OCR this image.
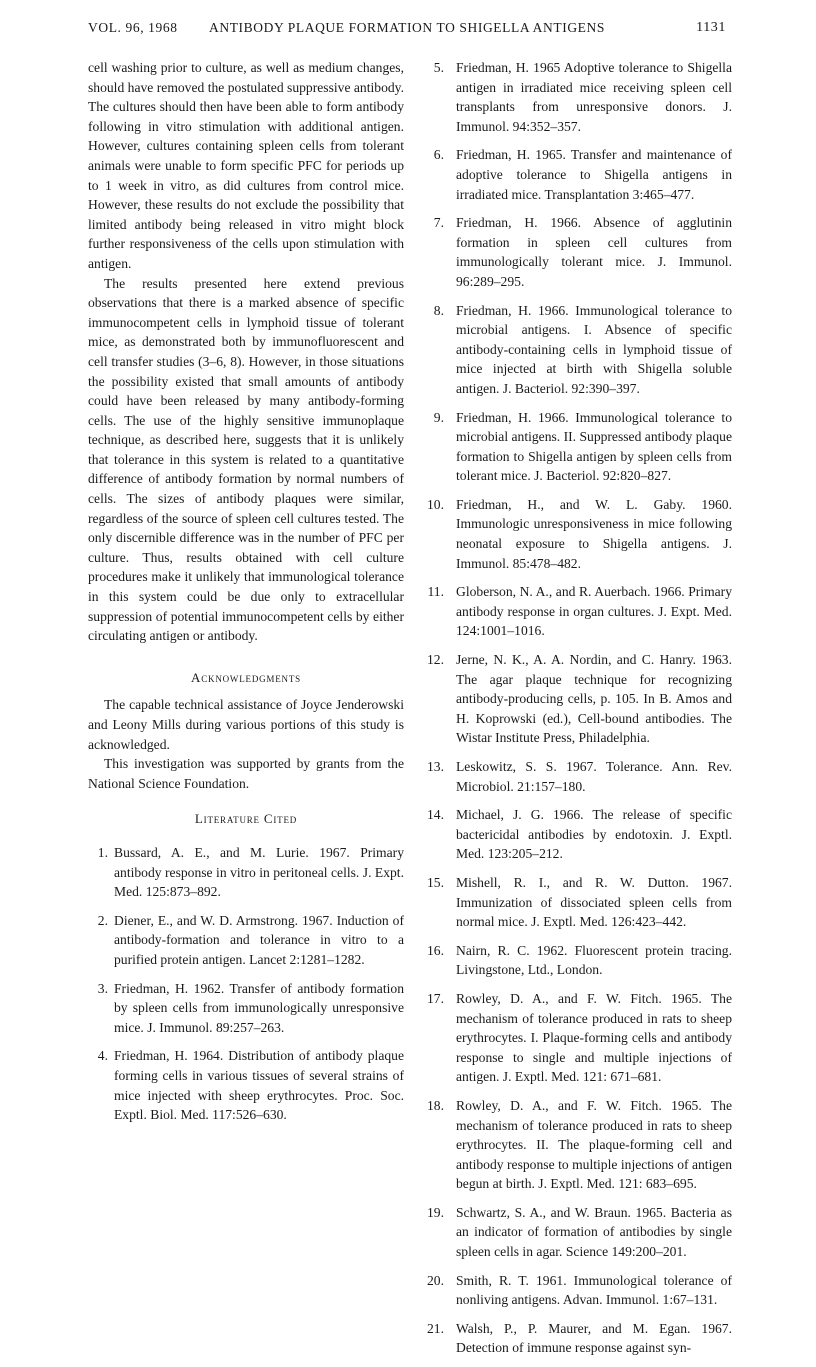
VOL. 96, 1968	ANTIBODY PLAQUE FORMATION TO SHIGELLA ANTIGENS	1131

cell washing prior to culture, as well as medium changes, should have removed the postulated suppressive antibody. The cultures should then have been able to form antibody following in vitro stimulation with additional antigen. However, cultures containing spleen cells from tolerant animals were unable to form specific PFC for periods up to 1 week in vitro, as did cultures from control mice. However, these results do not exclude the possibility that limited antibody being released in vitro might block further responsiveness of the cells upon stimulation with antigen.

The results presented here extend previous observations that there is a marked absence of specific immunocompetent cells in lymphoid tissue of tolerant mice, as demonstrated both by immunofluorescent and cell transfer studies (3–6, 8). However, in those situations the possibility existed that small amounts of antibody could have been released by many antibody-forming cells. The use of the highly sensitive immunoplaque technique, as described here, suggests that it is unlikely that tolerance in this system is related to a quantitative difference of antibody formation by normal numbers of cells. The sizes of antibody plaques were similar, regardless of the source of spleen cell cultures tested. The only discernible difference was in the number of PFC per culture. Thus, results obtained with cell culture procedures make it unlikely that immunological tolerance in this system could be due only to extracellular suppression of potential immunocompetent cells by either circulating antigen or antibody.

Acknowledgments

The capable technical assistance of Joyce Jenderowski and Leony Mills during various portions of this study is acknowledged.

This investigation was supported by grants from the National Science Foundation.

Literature Cited
1. Bussard, A. E., and M. Lurie. 1967. Primary antibody response in vitro in peritoneal cells. J. Expt. Med. 125:873–892.
2. Diener, E., and W. D. Armstrong. 1967. Induction of antibody-formation and tolerance in vitro to a purified protein antigen. Lancet 2:1281–1282.
3. Friedman, H. 1962. Transfer of antibody formation by spleen cells from immunologically unresponsive mice. J. Immunol. 89:257–263.
4. Friedman, H. 1964. Distribution of antibody plaque forming cells in various tissues of several strains of mice injected with sheep erythrocytes. Proc. Soc. Exptl. Biol. Med. 117:526–630.
5. Friedman, H. 1965 Adoptive tolerance to Shigella antigen in irradiated mice receiving spleen cell transplants from unresponsive donors. J. Immunol. 94:352–357.
6. Friedman, H. 1965. Transfer and maintenance of adoptive tolerance to Shigella antigens in irradiated mice. Transplantation 3:465–477.
7. Friedman, H. 1966. Absence of agglutinin formation in spleen cell cultures from immunologically tolerant mice. J. Immunol. 96:289–295.
8. Friedman, H. 1966. Immunological tolerance to microbial antigens. I. Absence of specific antibody-containing cells in lymphoid tissue of mice injected at birth with Shigella soluble antigen. J. Bacteriol. 92:390–397.
9. Friedman, H. 1966. Immunological tolerance to microbial antigens. II. Suppressed antibody plaque formation to Shigella antigen by spleen cells from tolerant mice. J. Bacteriol. 92:820–827.
10. Friedman, H., and W. L. Gaby. 1960. Immunologic unresponsiveness in mice following neonatal exposure to Shigella antigens. J. Immunol. 85:478–482.
11. Globerson, N. A., and R. Auerbach. 1966. Primary antibody response in organ cultures. J. Expt. Med. 124:1001–1016.
12. Jerne, N. K., A. A. Nordin, and C. Hanry. 1963. The agar plaque technique for recognizing antibody-producing cells, p. 105. In B. Amos and H. Koprowski (ed.), Cell-bound antibodies. The Wistar Institute Press, Philadelphia.
13. Leskowitz, S. S. 1967. Tolerance. Ann. Rev. Microbiol. 21:157–180.
14. Michael, J. G. 1966. The release of specific bactericidal antibodies by endotoxin. J. Exptl. Med. 123:205–212.
15. Mishell, R. I., and R. W. Dutton. 1967. Immunization of dissociated spleen cells from normal mice. J. Exptl. Med. 126:423–442.
16. Nairn, R. C. 1962. Fluorescent protein tracing. Livingstone, Ltd., London.
17. Rowley, D. A., and F. W. Fitch. 1965. The mechanism of tolerance produced in rats to sheep erythrocytes. I. Plaque-forming cells and antibody response to single and multiple injections of antigen. J. Exptl. Med. 121: 671–681.
18. Rowley, D. A., and F. W. Fitch. 1965. The mechanism of tolerance produced in rats to sheep erythrocytes. II. The plaque-forming cell and antibody response to multiple injections of antigen begun at birth. J. Exptl. Med. 121: 683–695.
19. Schwartz, S. A., and W. Braun. 1965. Bacteria as an indicator of formation of antibodies by single spleen cells in agar. Science 149:200–201.
20. Smith, R. T. 1961. Immunological tolerance of nonliving antigens. Advan. Immunol. 1:67–131.
21. Walsh, P., P. Maurer, and M. Egan. 1967. Detection of immune response against syn-
